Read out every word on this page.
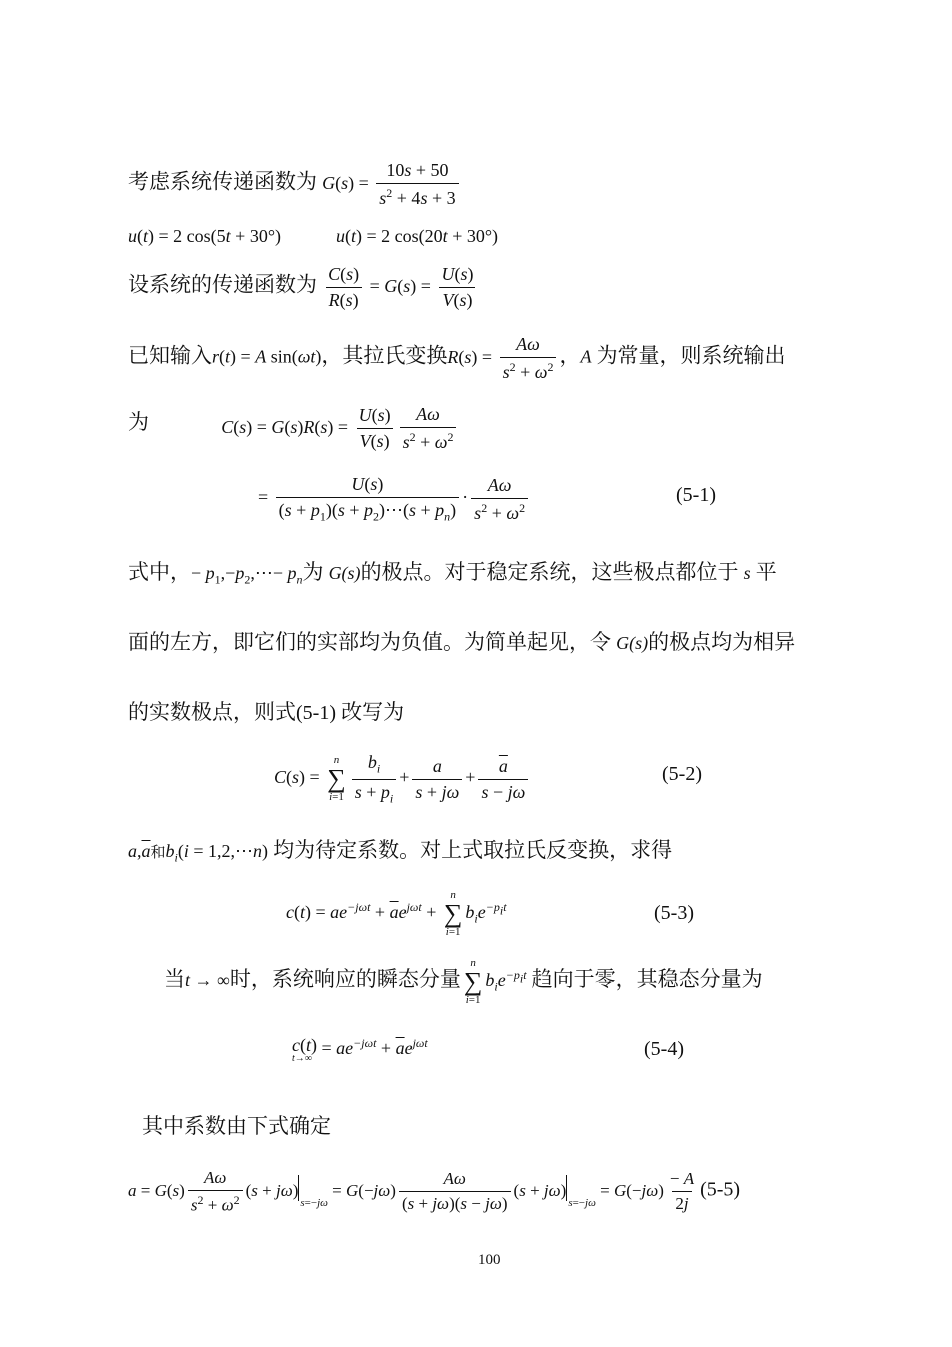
考虑系统传递函数为 $G(s) = \frac{10s + 50}{s^2 + 4s + 3}$
u(t) = 2 cos(5t + 30°)	u(t) = 2 cos(20t + 30°)
设系统的传递函数为 $\frac{C(s)}{R(s)} = G(s) = \frac{U(s)}{V(s)}$
已知输入r(t) = A sin(ωt)，其拉氏变换$R(s) = \frac{A\omega}{s^2 + \omega^2}$ ，A 为常量，则系统输出
为	$C(s) = G(s)R(s) = \frac{U(s)}{V(s)} \frac{A\omega}{s^2 + \omega^2}$
= $\frac{U(s)}{(s + p_1)(s + p_2)\cdots(s + p_n)} \cdot \frac{A\omega}{s^2 + \omega^2}$	(5-1)
式中，− $p_1,-p_2,\cdots- p_n$为 G(s)的极点。对于稳定系统，这些极点都位于 s 平
面的左方，即它们的实部均为负值。为简单起见，令 G(s)的极点均为相异
的实数极点，则式(5-1) 改写为
C(s) =
n
∑
$i=1 \frac{b_i}{s + p_i} + \frac{a}{s + j\omega} + \frac{\overline{a}}{s - j\omega}$	(5-2)
$a,\overline{a}$和$b_i(i$ = 1,2,⋯n) 均为待定系数。对上式取拉氏反变换，求得
$c(t) = ae^{-j\omega t} + \overline{a}e^{j\omega t}$ +
n
∑
i=1
$b_ie^{-p_it}$	(5-3)
当t → ∞时，系统响应的瞬态分量
n
∑
i=1
$b_ie^{-p_it}$ 趋向于零，其稳态分量为
c(t)
t→∞
= $ae^{-j\omega t} + \overline{a}e^{j\omega t}$	(5-4)
其中系数由下式确定
$a = G(s) \frac{A\omega}{s^2 + \omega^2} (s + j\omega)$
s=−jω
= $G(-j\omega) \frac{A\omega}{(s + j\omega)(s - j\omega)} (s + j\omega)$
s=−jω
= $G(-j\omega) \frac{- A}{2j} (5-5)$
100
